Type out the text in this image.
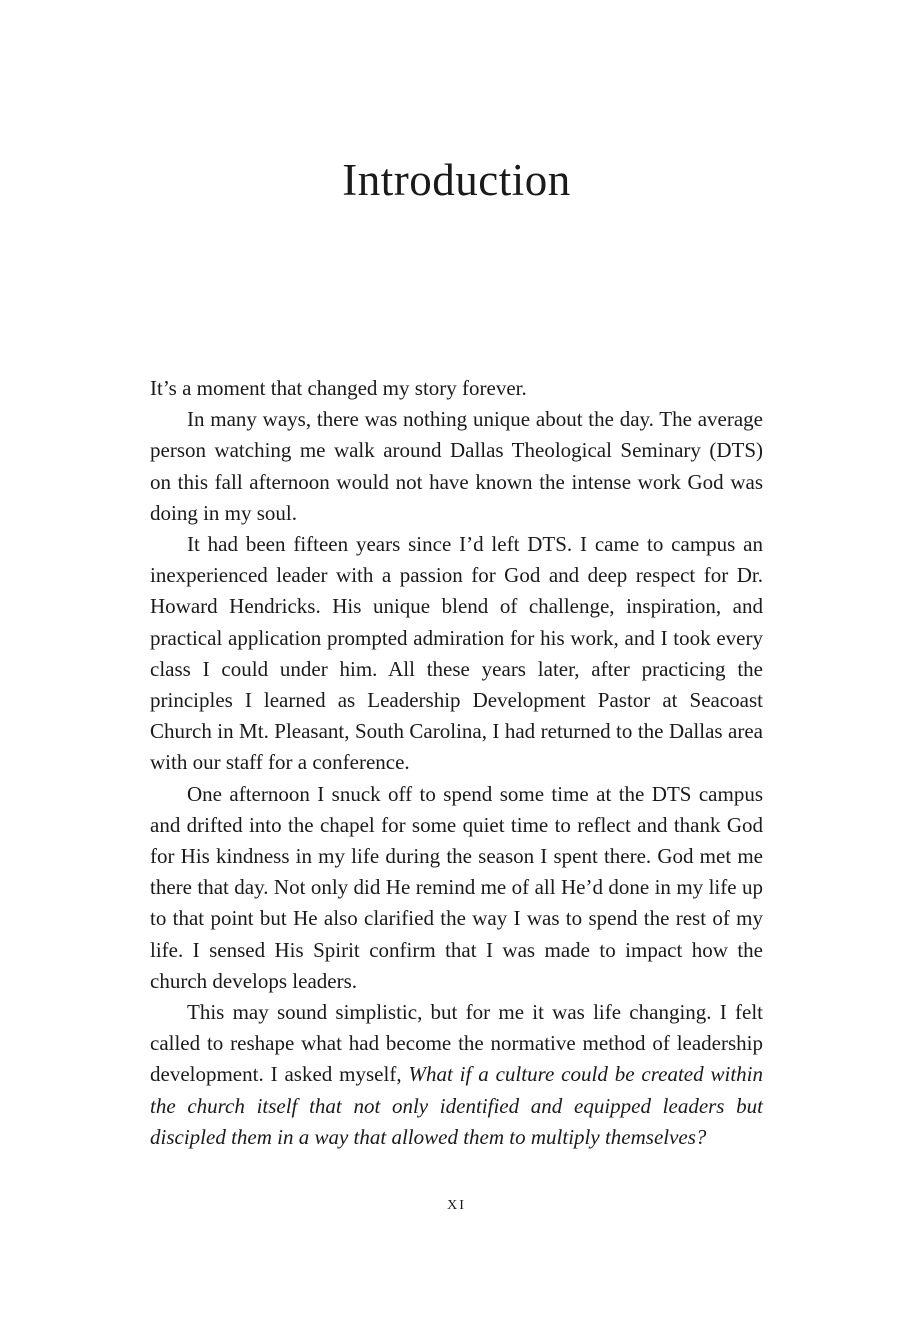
Introduction

It’s a moment that changed my story forever.

In many ways, there was nothing unique about the day. The average person watching me walk around Dallas Theological Seminary (DTS) on this fall afternoon would not have known the intense work God was doing in my soul.

It had been fifteen years since I’d left DTS. I came to campus an inexperienced leader with a passion for God and deep respect for Dr. Howard Hendricks. His unique blend of challenge, inspiration, and practical application prompted admiration for his work, and I took every class I could under him. All these years later, after practicing the principles I learned as Leadership Development Pastor at Seacoast Church in Mt. Pleasant, South Carolina, I had returned to the Dallas area with our staff for a conference.

One afternoon I snuck off to spend some time at the DTS campus and drifted into the chapel for some quiet time to reflect and thank God for His kindness in my life during the season I spent there. God met me there that day. Not only did He remind me of all He’d done in my life up to that point but He also clarified the way I was to spend the rest of my life. I sensed His Spirit confirm that I was made to impact how the church develops leaders.

This may sound simplistic, but for me it was life changing. I felt called to reshape what had become the normative method of leadership development. I asked myself, What if a culture could be created within the church itself that not only identified and equipped leaders but discipled them in a way that allowed them to multiply themselves?

XI
